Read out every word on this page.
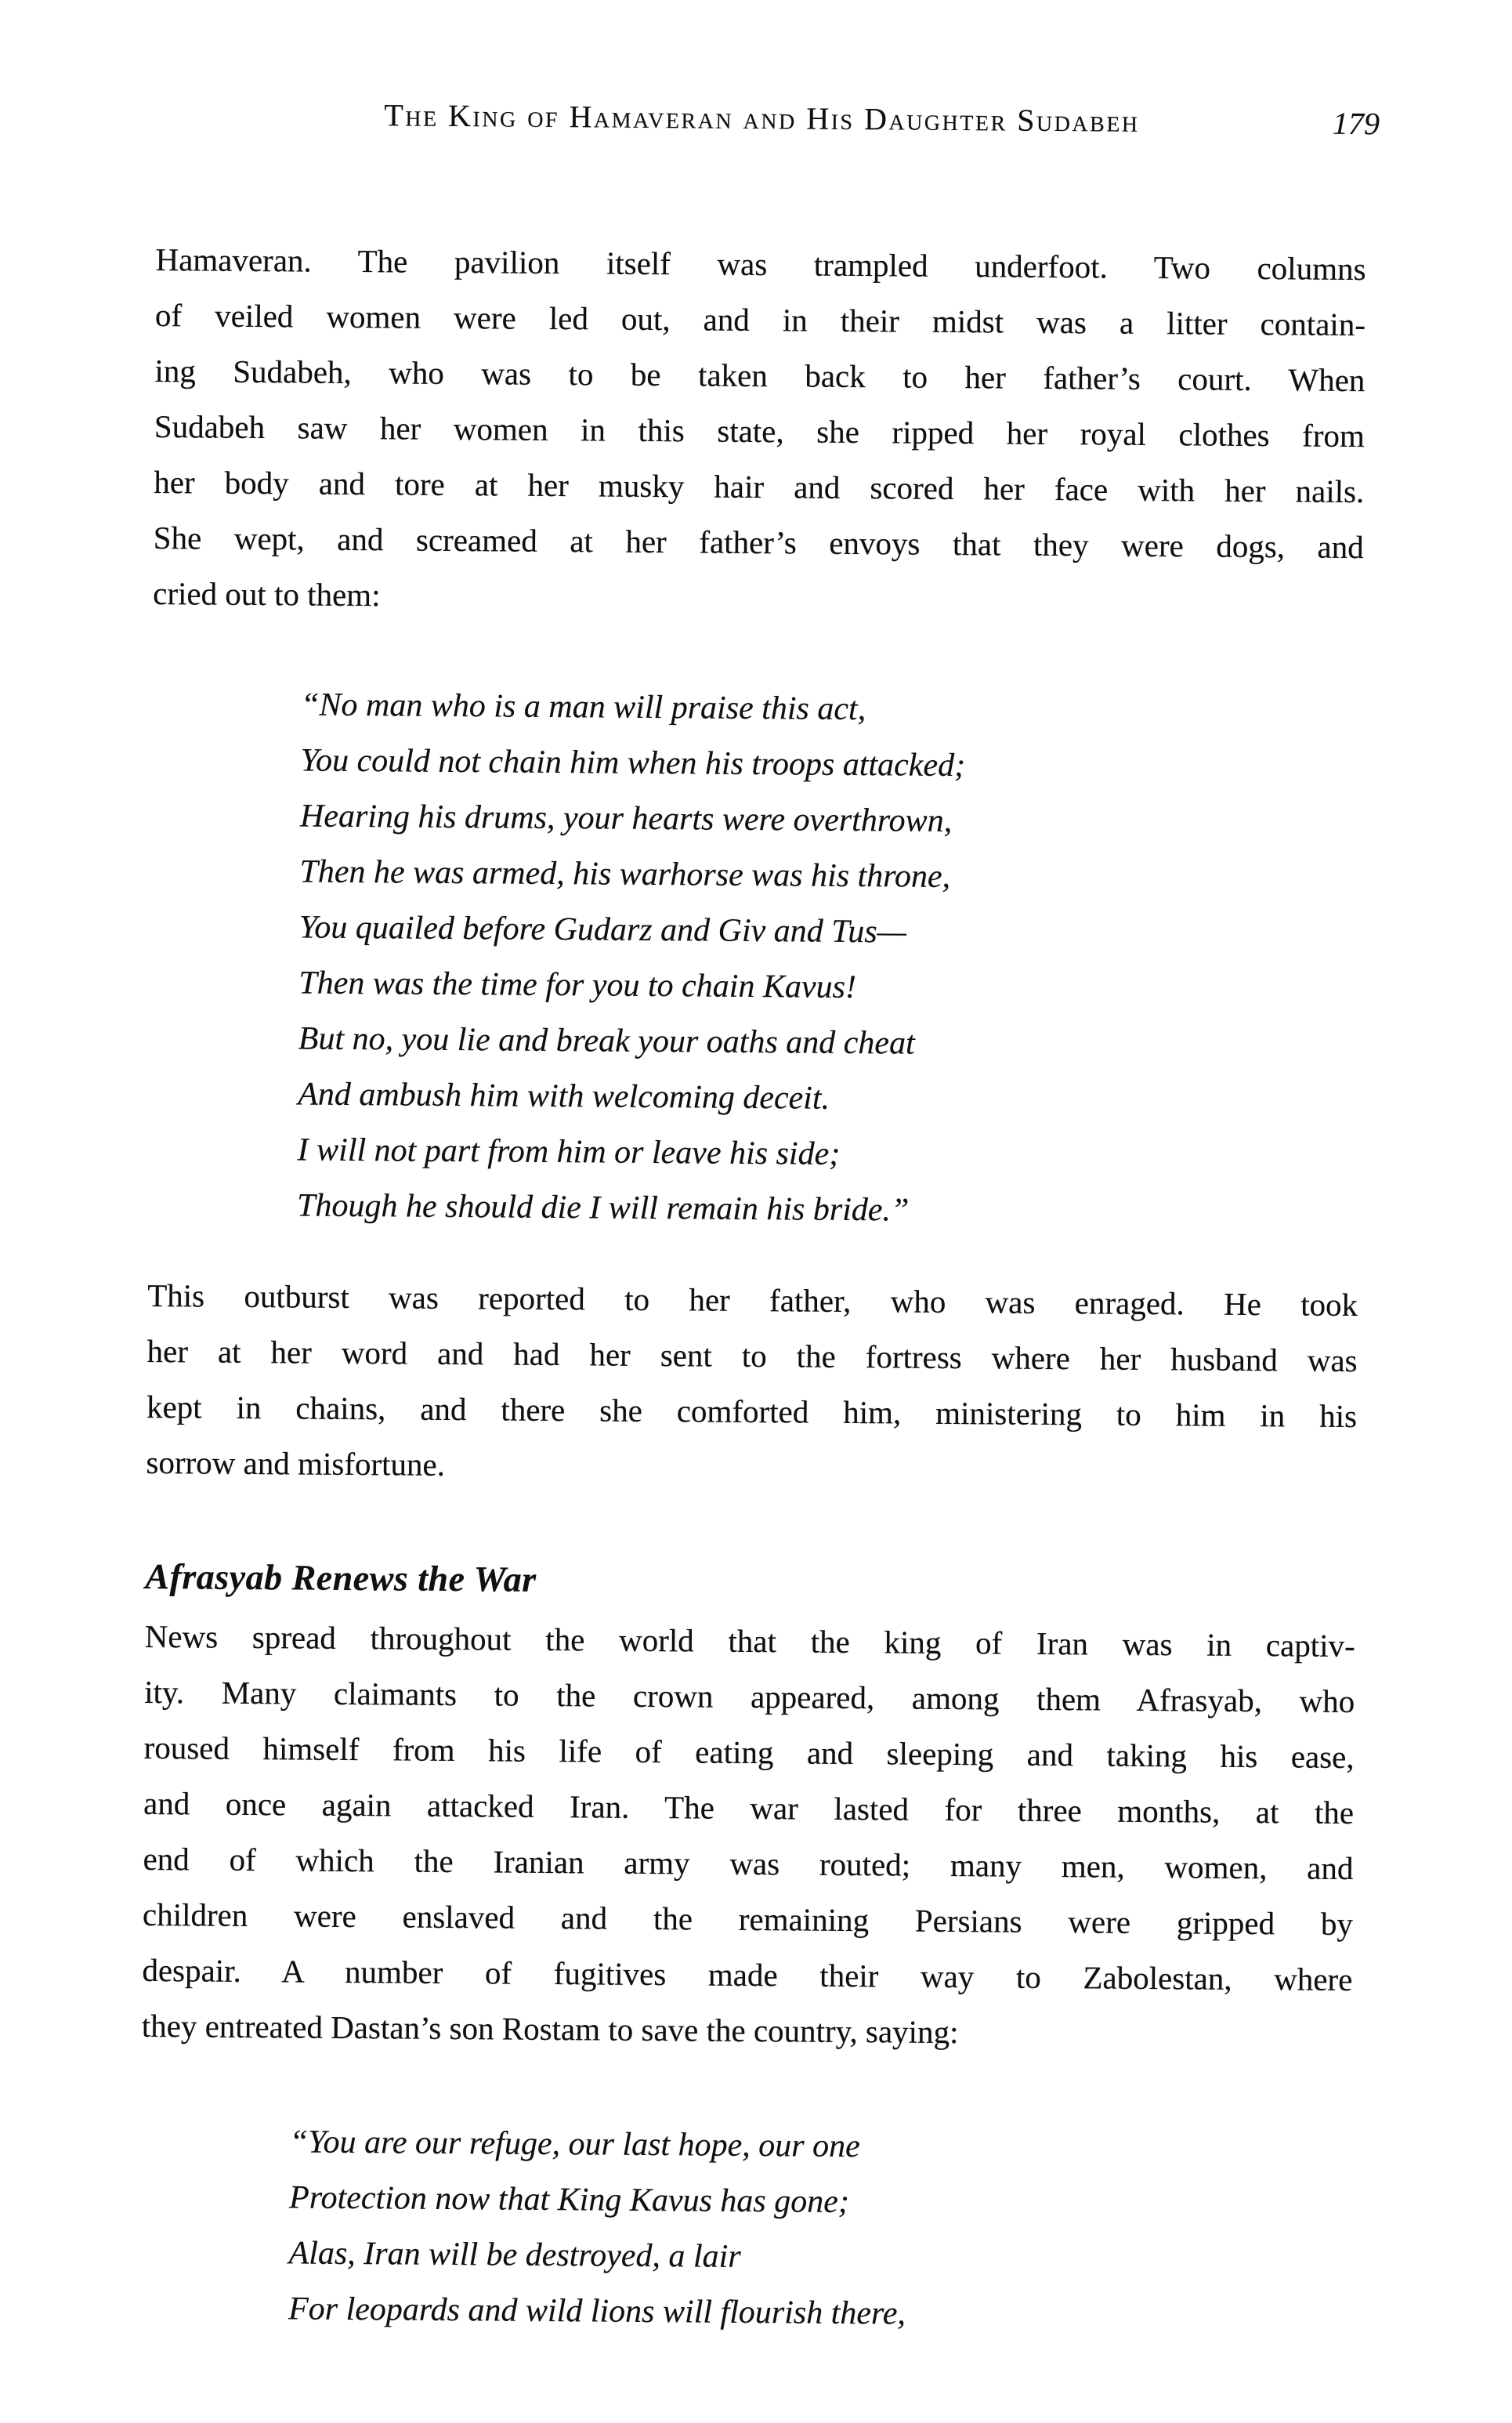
The King of Hamaveran and His Daughter Sudabeh	179
Hamaveran. The pavilion itself was trampled underfoot. Two columns
of veiled women were led out, and in their midst was a litter contain-
ing Sudabeh, who was to be taken back to her father’s court. When
Sudabeh saw her women in this state, she ripped her royal clothes from
her body and tore at her musky hair and scored her face with her nails.
She wept, and screamed at her father’s envoys that they were dogs, and
cried out to them:
“No man who is a man will praise this act,
You could not chain him when his troops attacked;
Hearing his drums, your hearts were overthrown,
Then he was armed, his warhorse was his throne,
You quailed before Gudarz and Giv and Tus—
Then was the time for you to chain Kavus!
But no, you lie and break your oaths and cheat
And ambush him with welcoming deceit.
I will not part from him or leave his side;
Though he should die I will remain his bride.”
This outburst was reported to her father, who was enraged. He took
her at her word and had her sent to the fortress where her husband was
kept in chains, and there she comforted him, ministering to him in his
sorrow and misfortune.
Afrasyab Renews the War
News spread throughout the world that the king of Iran was in captiv-
ity. Many claimants to the crown appeared, among them Afrasyab, who
roused himself from his life of eating and sleeping and taking his ease,
and once again attacked Iran. The war lasted for three months, at the
end of which the Iranian army was routed; many men, women, and
children were enslaved and the remaining Persians were gripped by
despair. A number of fugitives made their way to Zabolestan, where
they entreated Dastan’s son Rostam to save the country, saying:
“You are our refuge, our last hope, our one
Protection now that King Kavus has gone;
Alas, Iran will be destroyed, a lair
For leopards and wild lions will flourish there,
